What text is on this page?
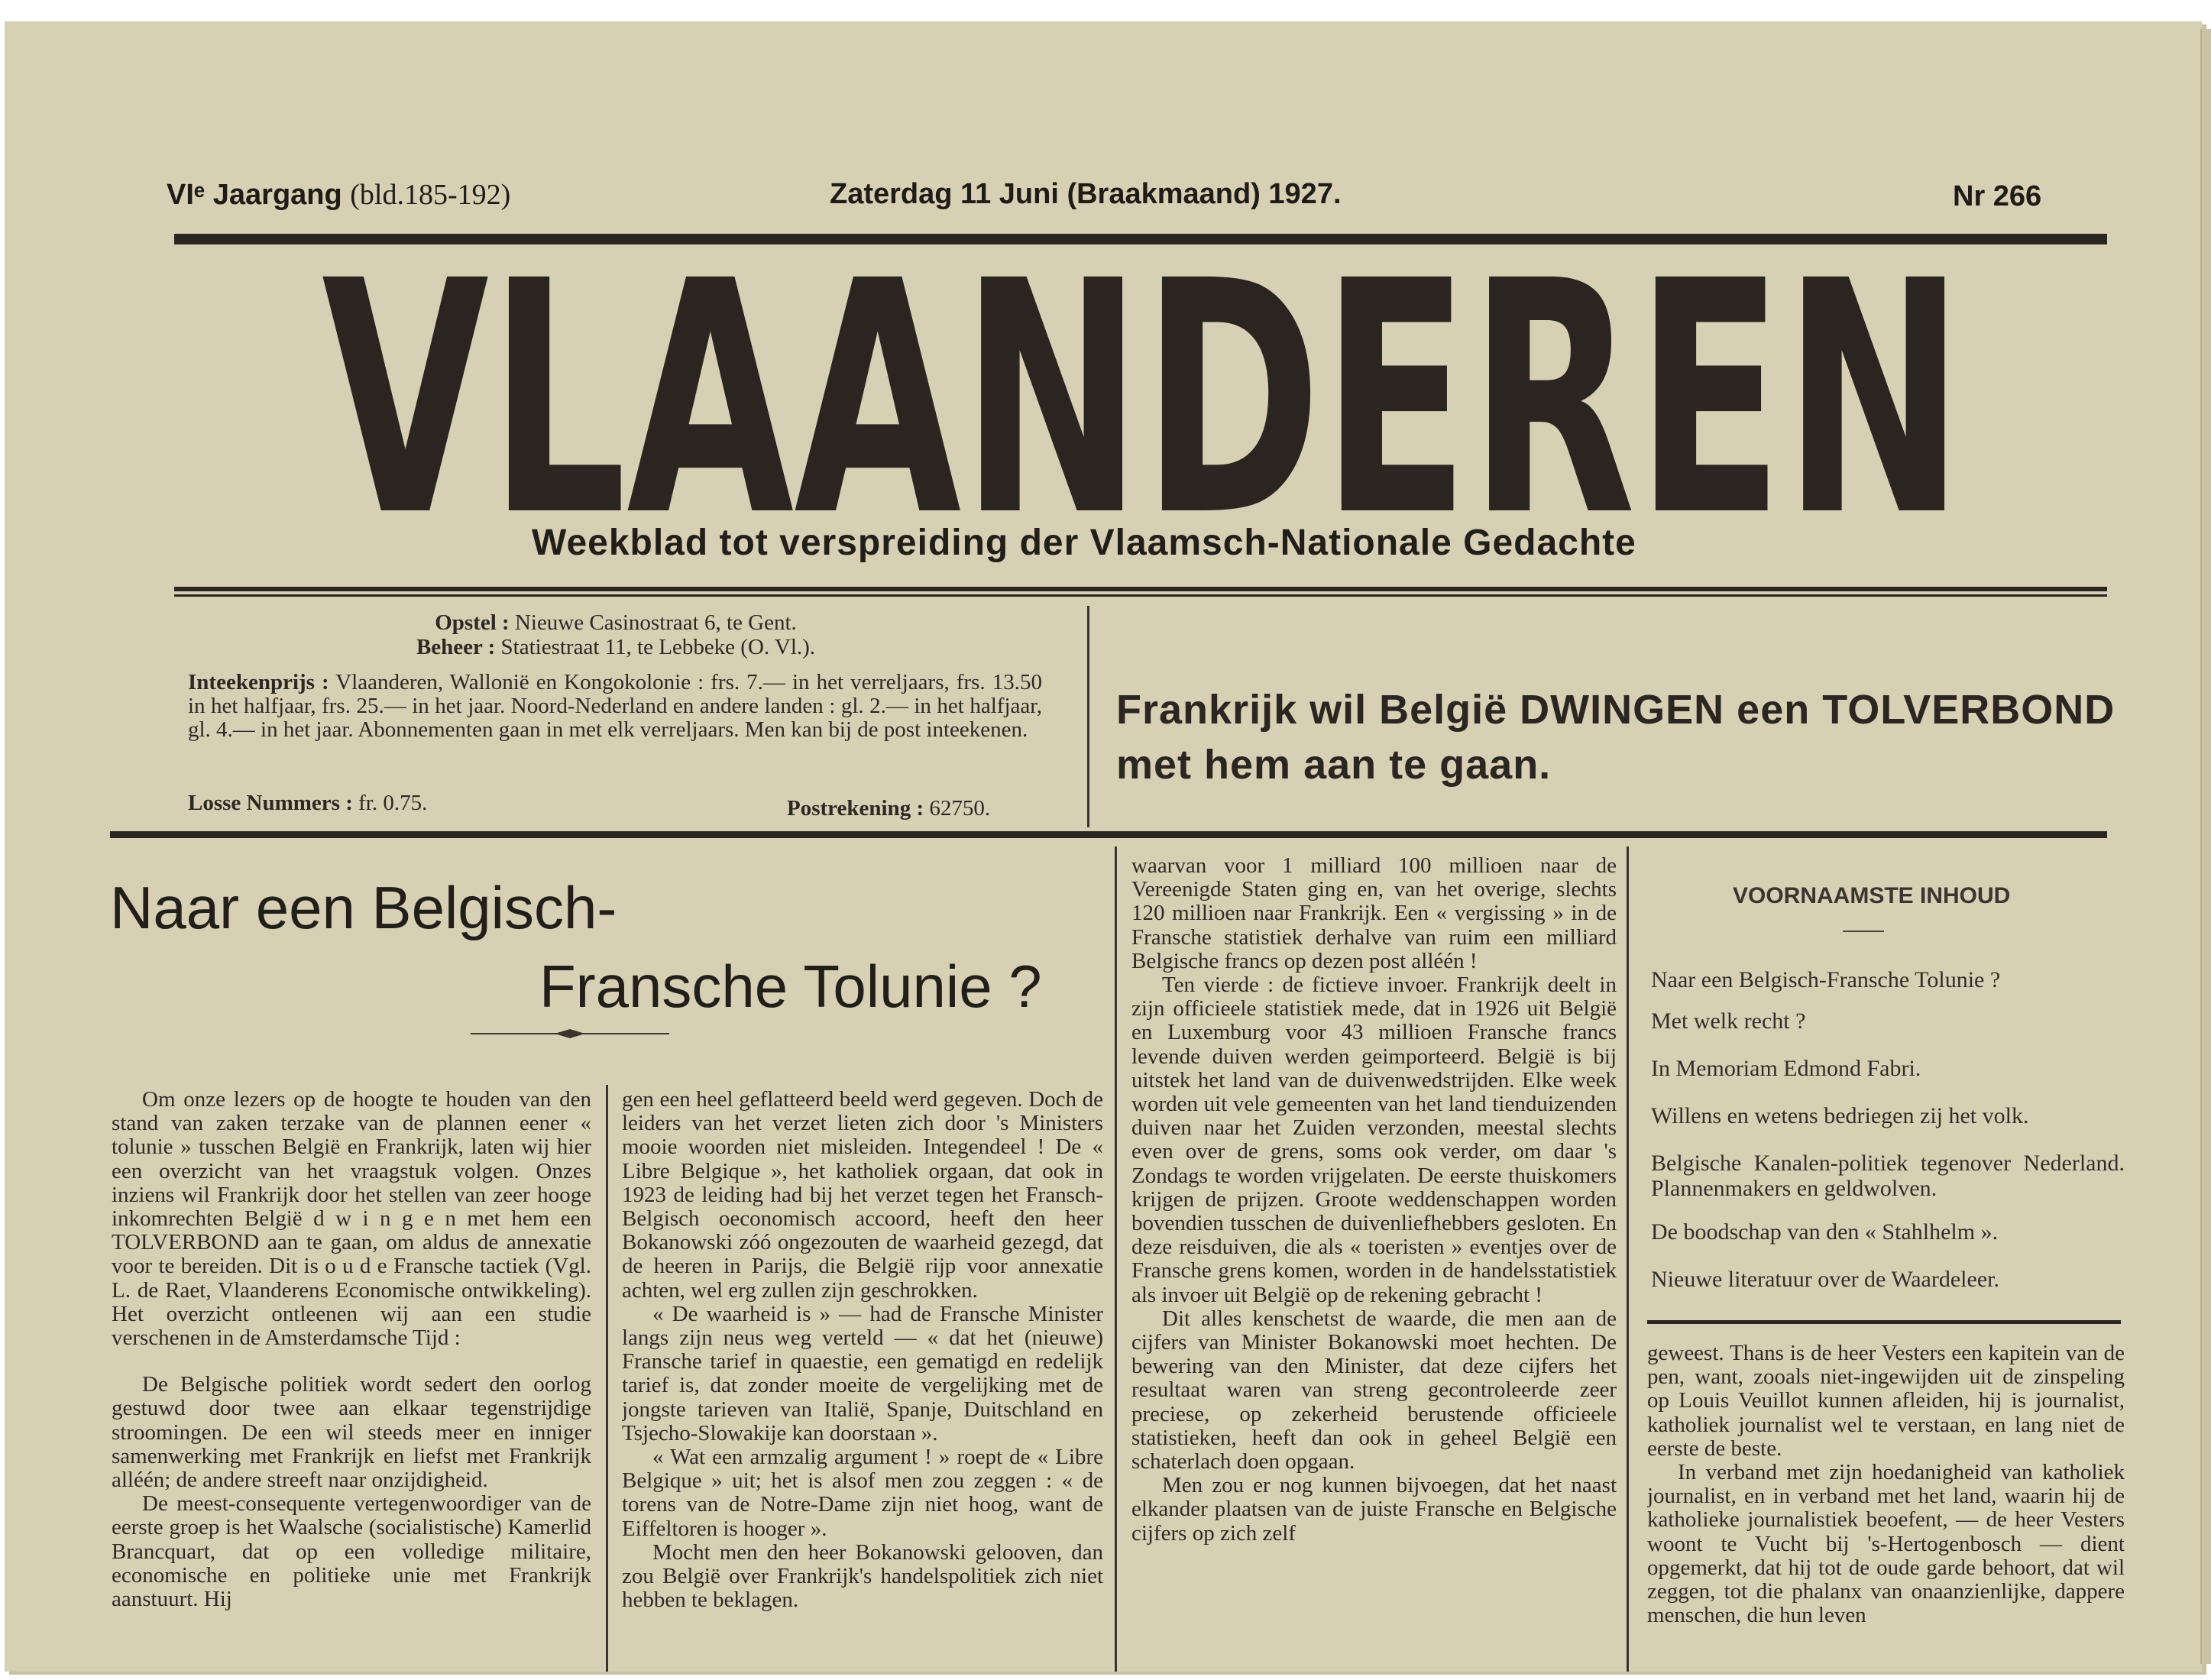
VIᵉ Jaargang (bld.185-192)	Zaterdag 11 Juni (Braakmaand) 1927.	Nr 266
VLAANDEREN
Weekblad tot verspreiding der Vlaamsch-Nationale Gedachte
Opstel : Nieuwe Casinostraat 6, te Gent.
Beheer : Statiestraat 11, te Lebbeke (O. Vl.).
Inteekenprijs : Vlaanderen, Wallonië en Kongokolonie : frs. 7.— in het verreljaars, frs. 13.50 in het halfjaar, frs. 25.— in het jaar. Noord-Nederland en andere landen : gl. 2.— in het halfjaar, gl. 4.— in het jaar. Abonnementen gaan in met elk verreljaars. Men kan bij de post inteekenen.
Losse Nummers : fr. 0.75.	Postrekening : 62750.
Frankrijk wil België DWINGEN een TOLVERBOND met hem aan te gaan.
Naar een Belgisch-
Fransche Tolunie ?

Om onze lezers op de hoogte te houden van den stand van zaken terzake van de plannen eener « tolunie » tusschen België en Frankrijk, laten wij hier een overzicht van het vraagstuk volgen. Onzes inziens wil Frankrijk door het stellen van zeer hooge inkomrechten België d w i n g e n met hem een TOLVERBOND aan te gaan, om aldus de annexatie voor te bereiden. Dit is o u d e Fransche tactiek (Vgl. L. de Raet, Vlaanderens Economische ontwikkeling). Het overzicht ontleenen wij aan een studie verschenen in de Amsterdamsche Tijd :

De Belgische politiek wordt sedert den oorlog gestuwd door twee aan elkaar tegenstrijdige stroomingen. De een wil steeds meer en inniger samenwerking met Frankrijk en liefst met Frankrijk alléén; de andere streeft naar onzijdigheid.

De meest-consequente vertegenwoordiger van de eerste groep is het Waalsche (socialistische) Kamerlid Brancquart, dat op een volledige militaire, economische en politieke unie met Frankrijk aanstuurt. Hij

gen een heel geflatteerd beeld werd gegeven. Doch de leiders van het verzet lieten zich door 's Ministers mooie woorden niet misleiden. Integendeel ! De « Libre Belgique », het katholiek orgaan, dat ook in 1923 de leiding had bij het verzet tegen het Fransch-Belgisch oeconomisch accoord, heeft den heer Bokanowski zóó ongezouten de waarheid gezegd, dat de heeren in Parijs, die België rijp voor annexatie achten, wel erg zullen zijn geschrokken.

« De waarheid is » — had de Fransche Minister langs zijn neus weg verteld — « dat het (nieuwe) Fransche tarief in quaestie, een gematigd en redelijk tarief is, dat zonder moeite de vergelijking met de jongste tarieven van Italië, Spanje, Duitschland en Tsjecho-Slowakije kan doorstaan ».

« Wat een armzalig argument ! » roept de « Libre Belgique » uit; het is alsof men zou zeggen : « de torens van de Notre-Dame zijn niet hoog, want de Eiffeltoren is hooger ».

Mocht men den heer Bokanowski gelooven, dan zou België over Frankrijk's handelspolitiek zich niet hebben te beklagen.

waarvan voor 1 milliard 100 millioen naar de Vereenigde Staten ging en, van het overige, slechts 120 millioen naar Frankrijk. Een « vergissing » in de Fransche statistiek derhalve van ruim een milliard Belgische francs op dezen post alléén !

Ten vierde : de fictieve invoer. Frankrijk deelt in zijn officieele statistiek mede, dat in 1926 uit België en Luxemburg voor 43 millioen Fransche francs levende duiven werden geimporteerd. België is bij uitstek het land van de duivenwedstrijden. Elke week worden uit vele gemeenten van het land tienduizenden duiven naar het Zuiden verzonden, meestal slechts even over de grens, soms ook verder, om daar 's Zondags te worden vrijgelaten. De eerste thuiskomers krijgen de prijzen. Groote weddenschappen worden bovendien tusschen de duivenliefhebbers gesloten. En deze reisduiven, die als « toeristen » eventjes over de Fransche grens komen, worden in de handelsstatistiek als invoer uit België op de rekening gebracht !

Dit alles kenschetst de waarde, die men aan de cijfers van Minister Bokanowski moet hechten. De bewering van den Minister, dat deze cijfers het resultaat waren van streng gecontroleerde zeer preciese, op zekerheid berustende officieele statistieken, heeft dan ook in geheel België een schaterlach doen opgaan.

Men zou er nog kunnen bijvoegen, dat het naast elkander plaatsen van de juiste Fransche en Belgische cijfers op zich zelf

VOORNAAMSTE INHOUD
Naar een Belgisch-Fransche Tolunie ?
Met welk recht ?
In Memoriam Edmond Fabri.
Willens en wetens bedriegen zij het volk.
Belgische Kanalen-politiek tegenover Nederland. Plannenmakers en geldwolven.
De boodschap van den « Stahlhelm ».
Nieuwe literatuur over de Waardeleer.

geweest. Thans is de heer Vesters een kapitein van de pen, want, zooals niet-ingewijden uit de zinspeling op Louis Veuillot kunnen afleiden, hij is journalist, katholiek journalist wel te verstaan, en lang niet de eerste de beste.

In verband met zijn hoedanigheid van katholiek journalist, en in verband met het land, waarin hij de katholieke journalistiek beoefent, — de heer Vesters woont te Vucht bij 's-Hertogenbosch — dient opgemerkt, dat hij tot de oude garde behoort, dat wil zeggen, tot die phalanx van onaanzienlijke, dappere menschen, die hun leven
